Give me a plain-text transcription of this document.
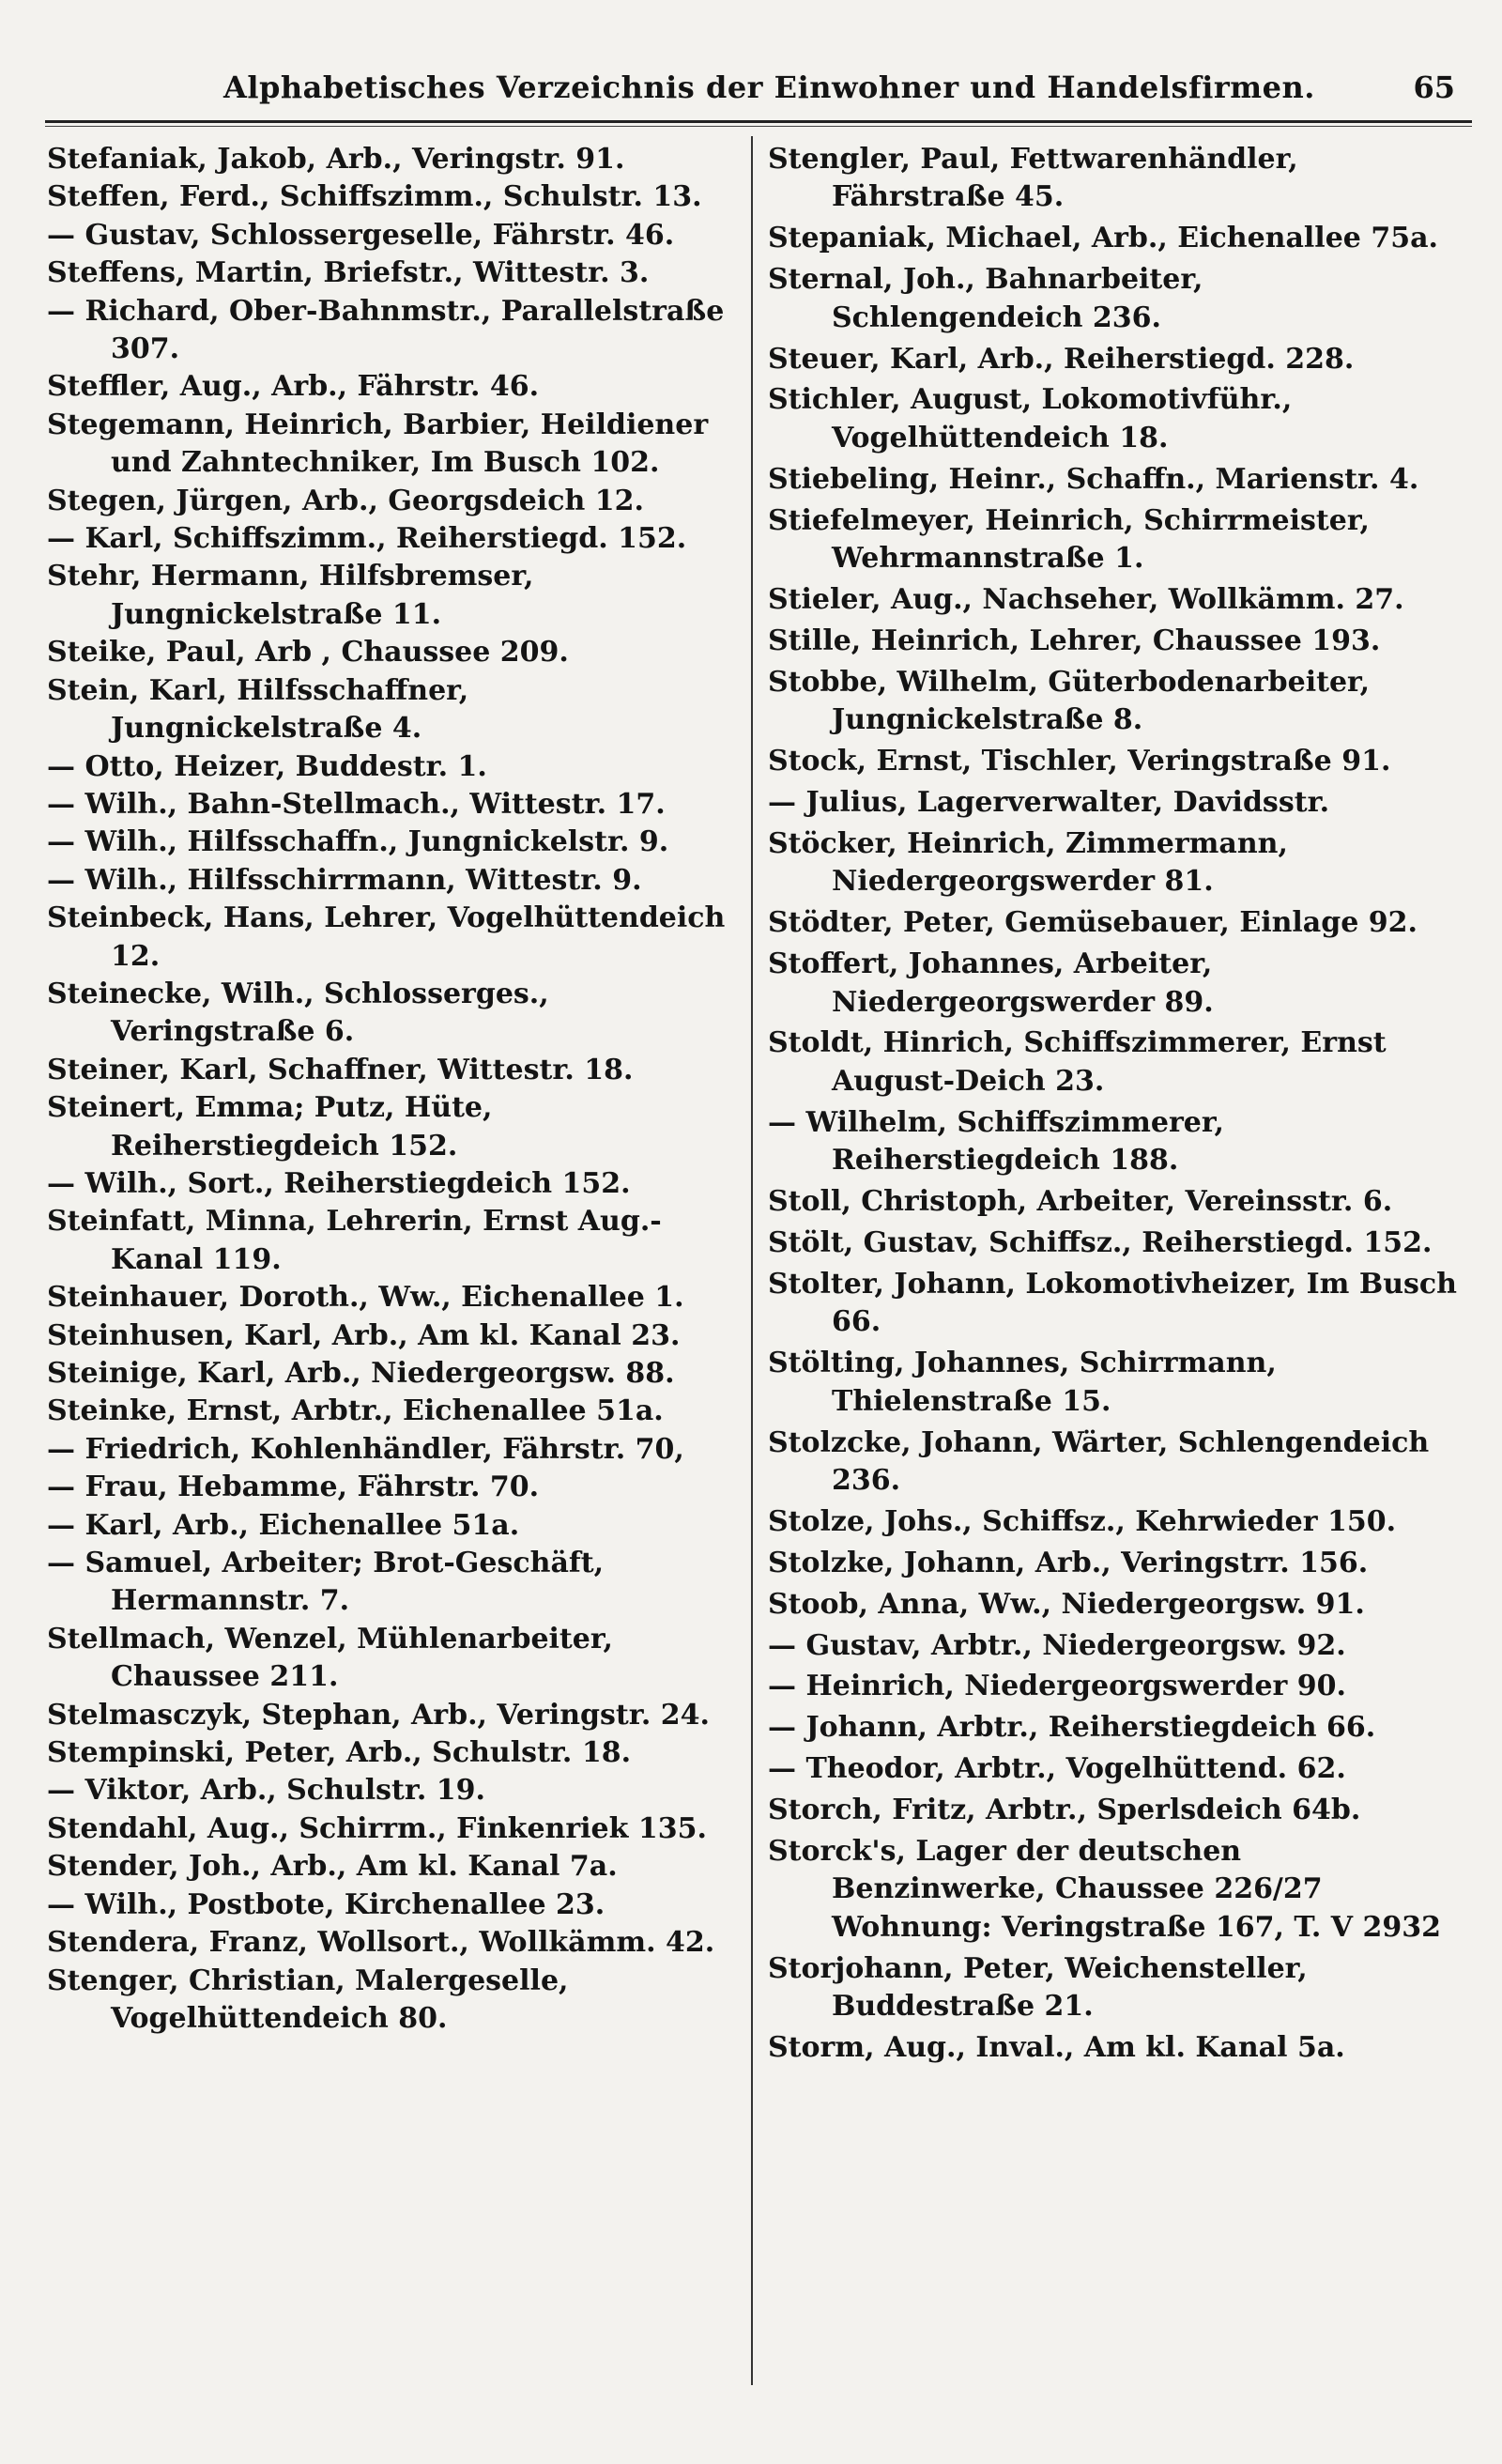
Alphabetisches Verzeichnis der Einwohner und Handelsfirmen.	65

Stefaniak, Jakob, Arb., Veringstr. 91.

Steffen, Ferd., Schiffszimm., Schulstr. 13.

— Gustav, Schlossergeselle, Fährstr. 46.

Steffens, Martin, Briefstr., Wittestr. 3.

— Richard, Ober-Bahnmstr., Parallelstraße 307.

Steffler, Aug., Arb., Fährstr. 46.

Stegemann, Heinrich, Barbier, Heildiener und Zahntechniker, Im Busch 102.

Stegen, Jürgen, Arb., Georgsdeich 12.

— Karl, Schiffszimm., Reiherstiegd. 152.

Stehr, Hermann, Hilfsbremser, Jungnickelstraße 11.

Steike, Paul, Arb , Chaussee 209.

Stein, Karl, Hilfsschaffner, Jungnickelstraße 4.

— Otto, Heizer, Buddestr. 1.

— Wilh., Bahn-Stellmach., Wittestr. 17.

— Wilh., Hilfsschaffn., Jungnickelstr. 9.

— Wilh., Hilfsschirrmann, Wittestr. 9.

Steinbeck, Hans, Lehrer, Vogelhüttendeich 12.

Steinecke, Wilh., Schlosserges., Veringstraße 6.

Steiner, Karl, Schaffner, Wittestr. 18.

Steinert, Emma; Putz, Hüte, Reiherstiegdeich 152.

— Wilh., Sort., Reiherstiegdeich 152.

Steinfatt, Minna, Lehrerin, Ernst Aug.-Kanal 119.

Steinhauer, Doroth., Ww., Eichenallee 1.

Steinhusen, Karl, Arb., Am kl. Kanal 23.

Steinige, Karl, Arb., Niedergeorgsw. 88.

Steinke, Ernst, Arbtr., Eichenallee 51a.

— Friedrich, Kohlenhändler, Fährstr. 70,

— Frau, Hebamme, Fährstr. 70.

— Karl, Arb., Eichenallee 51a.

— Samuel, Arbeiter; Brot-Geschäft, Hermannstr. 7.

Stellmach, Wenzel, Mühlenarbeiter, Chaussee 211.

Stelmasczyk, Stephan, Arb., Veringstr. 24.

Stempinski, Peter, Arb., Schulstr. 18.

— Viktor, Arb., Schulstr. 19.

Stendahl, Aug., Schirrm., Finkenriek 135.

Stender, Joh., Arb., Am kl. Kanal 7a.

— Wilh., Postbote, Kirchenallee 23.

Stendera, Franz, Wollsort., Wollkämm. 42.

Stenger, Christian, Malergeselle, Vogelhüttendeich 80.

Stengler, Paul, Fettwarenhändler, Fährstraße 45.

Stepaniak, Michael, Arb., Eichenallee 75a.

Sternal, Joh., Bahnarbeiter, Schlengendeich 236.

Steuer, Karl, Arb., Reiherstiegd. 228.

Stichler, August, Lokomotivführ., Vogelhüttendeich 18.

Stiebeling, Heinr., Schaffn., Marienstr. 4.

Stiefelmeyer, Heinrich, Schirrmeister, Wehrmannstraße 1.

Stieler, Aug., Nachseher, Wollkämm. 27.

Stille, Heinrich, Lehrer, Chaussee 193.

Stobbe, Wilhelm, Güterbodenarbeiter, Jungnickelstraße 8.

Stock, Ernst, Tischler, Veringstraße 91.

— Julius, Lagerverwalter, Davidsstr.

Stöcker, Heinrich, Zimmermann, Niedergeorgswerder 81.

Stödter, Peter, Gemüsebauer, Einlage 92.

Stoffert, Johannes, Arbeiter, Niedergeorgswerder 89.

Stoldt, Hinrich, Schiffszimmerer, Ernst August-Deich 23.

— Wilhelm, Schiffszimmerer, Reiherstiegdeich 188.

Stoll, Christoph, Arbeiter, Vereinsstr. 6.

Stölt, Gustav, Schiffsz., Reiherstiegd. 152.

Stolter, Johann, Lokomotivheizer, Im Busch 66.

Stölting, Johannes, Schirrmann, Thielenstraße 15.

Stolzcke, Johann, Wärter, Schlengendeich 236.

Stolze, Johs., Schiffsz., Kehrwieder 150.

Stolzke, Johann, Arb., Veringstrr. 156.

Stoob, Anna, Ww., Niedergeorgsw. 91.

— Gustav, Arbtr., Niedergeorgsw. 92.

— Heinrich, Niedergeorgswerder 90.

— Johann, Arbtr., Reiherstiegdeich 66.

— Theodor, Arbtr., Vogelhüttend. 62.

Storch, Fritz, Arbtr., Sperlsdeich 64b.

Storck's, Lager der deutschen Benzinwerke, Chaussee 226/27 Wohnung: Veringstraße 167, T. V 2932

Storjohann, Peter, Weichensteller, Buddestraße 21.

Storm, Aug., Inval., Am kl. Kanal 5a.
